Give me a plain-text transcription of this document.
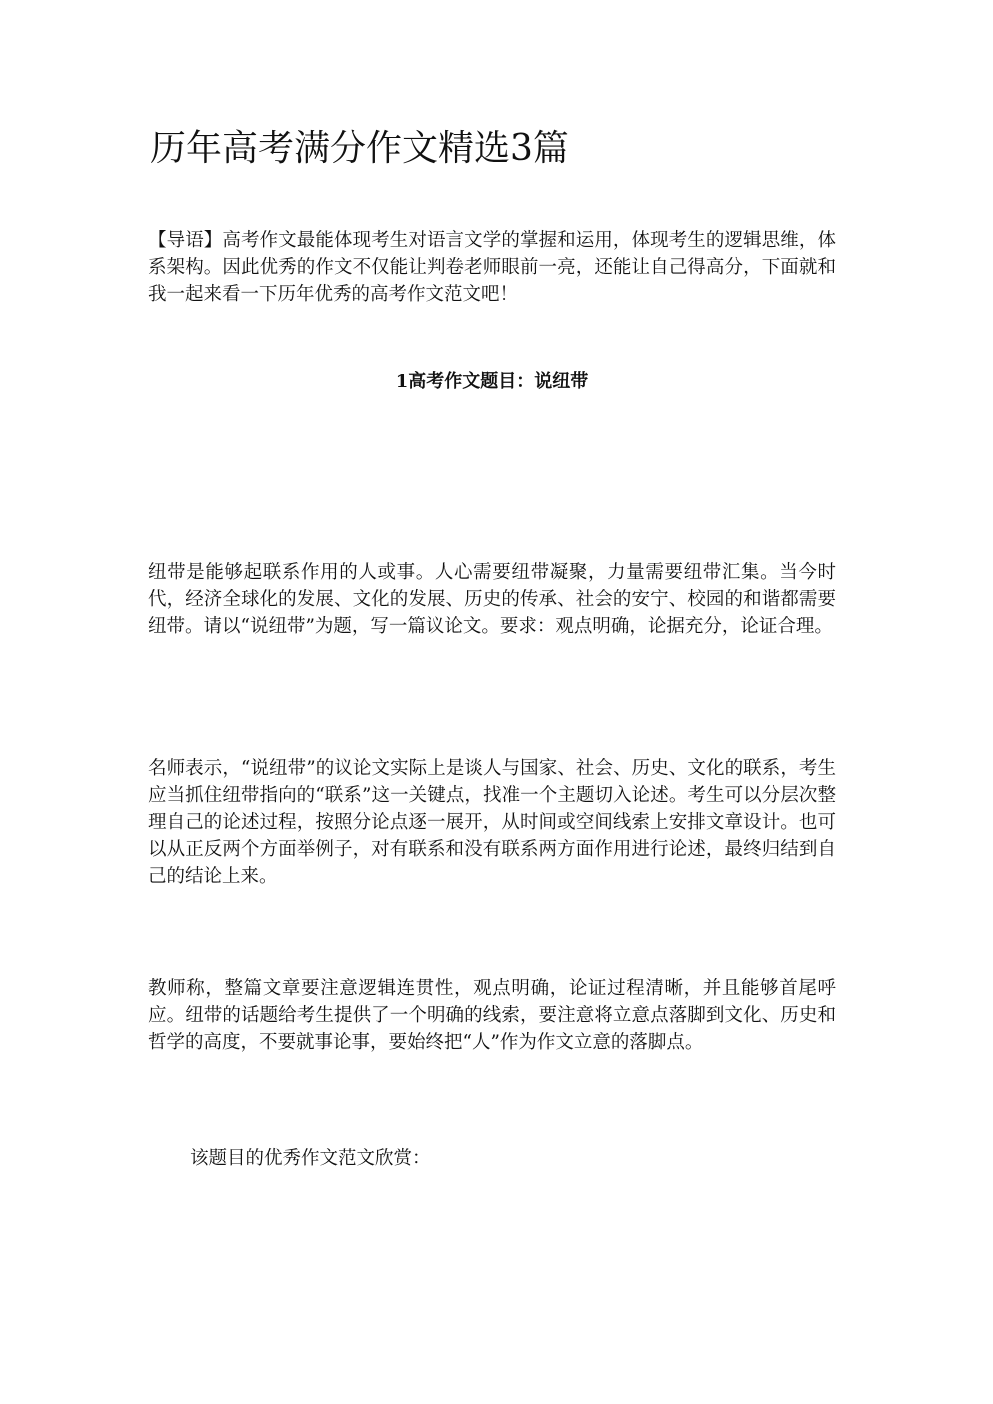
历年高考满分作文精选3篇

【导语】高考作文最能体现考生对语言文学的掌握和运用，体现考生的逻辑思维，体系架构。因此优秀的作文不仅能让判卷老师眼前一亮，还能让自己得高分，下面就和我一起来看一下历年优秀的高考作文范文吧！

1高考作文题目：说纽带

纽带是能够起联系作用的人或事。人心需要纽带凝聚，力量需要纽带汇集。当今时代，经济全球化的发展、文化的发展、历史的传承、社会的安宁、校园的和谐都需要纽带。请以“说纽带”为题，写一篇议论文。要求：观点明确，论据充分，论证合理。

名师表示，“说纽带”的议论文实际上是谈人与国家、社会、历史、文化的联系，考生应当抓住纽带指向的“联系”这一关键点，找准一个主题切入论述。考生可以分层次整理自己的论述过程，按照分论点逐一展开，从时间或空间线索上安排文章设计。也可以从正反两个方面举例子，对有联系和没有联系两方面作用进行论述，最终归结到自己的结论上来。

教师称，整篇文章要注意逻辑连贯性，观点明确，论证过程清晰，并且能够首尾呼应。纽带的话题给考生提供了一个明确的线索，要注意将立意点落脚到文化、历史和哲学的高度，不要就事论事，要始终把“人”作为作文立意的落脚点。

该题目的优秀作文范文欣赏：
